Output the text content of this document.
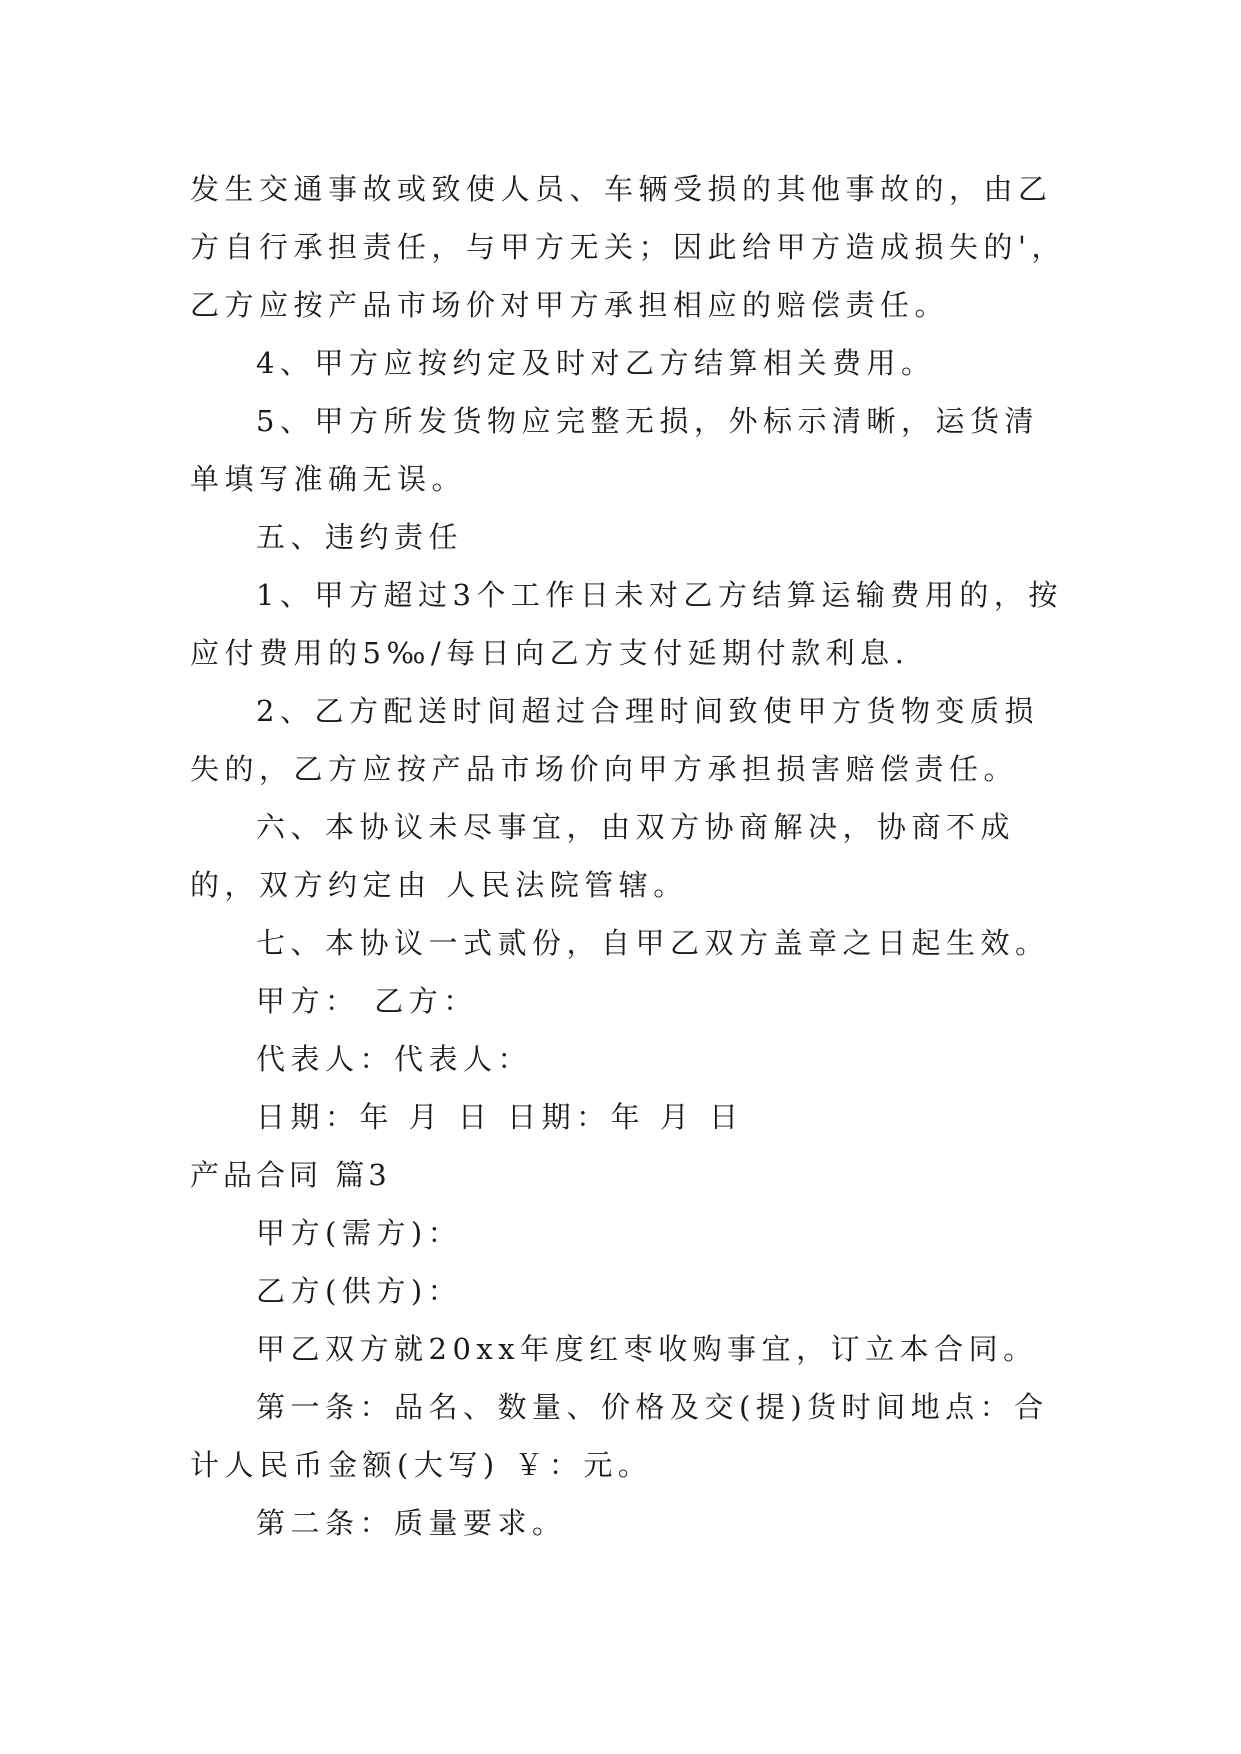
发生交通事故或致使人员、车辆受损的其他事故的，由乙方自行承担责任，与甲方无关；因此给甲方造成损失的'，乙方应按产品市场价对甲方承担相应的赔偿责任。

4、甲方应按约定及时对乙方结算相关费用。

5、甲方所发货物应完整无损，外标示清晰，运货清单填写准确无误。

五、违约责任

1、甲方超过3个工作日未对乙方结算运输费用的，按应付费用的5‰/每日向乙方支付延期付款利息.

2、乙方配送时间超过合理时间致使甲方货物变质损失的，乙方应按产品市场价向甲方承担损害赔偿责任。

六、本协议未尽事宜，由双方协商解决，协商不成的，双方约定由 人民法院管辖。

七、本协议一式贰份，自甲乙双方盖章之日起生效。

甲方： 乙方：

代表人：代表人：

日期：年 月 日 日期：年 月 日

产品合同 篇3

甲方(需方)：

乙方(供方)：

甲乙双方就20xx年度红枣收购事宜，订立本合同。

第一条：品名、数量、价格及交(提)货时间地点：合计人民币金额(大写) ￥：元。

第二条：质量要求。
